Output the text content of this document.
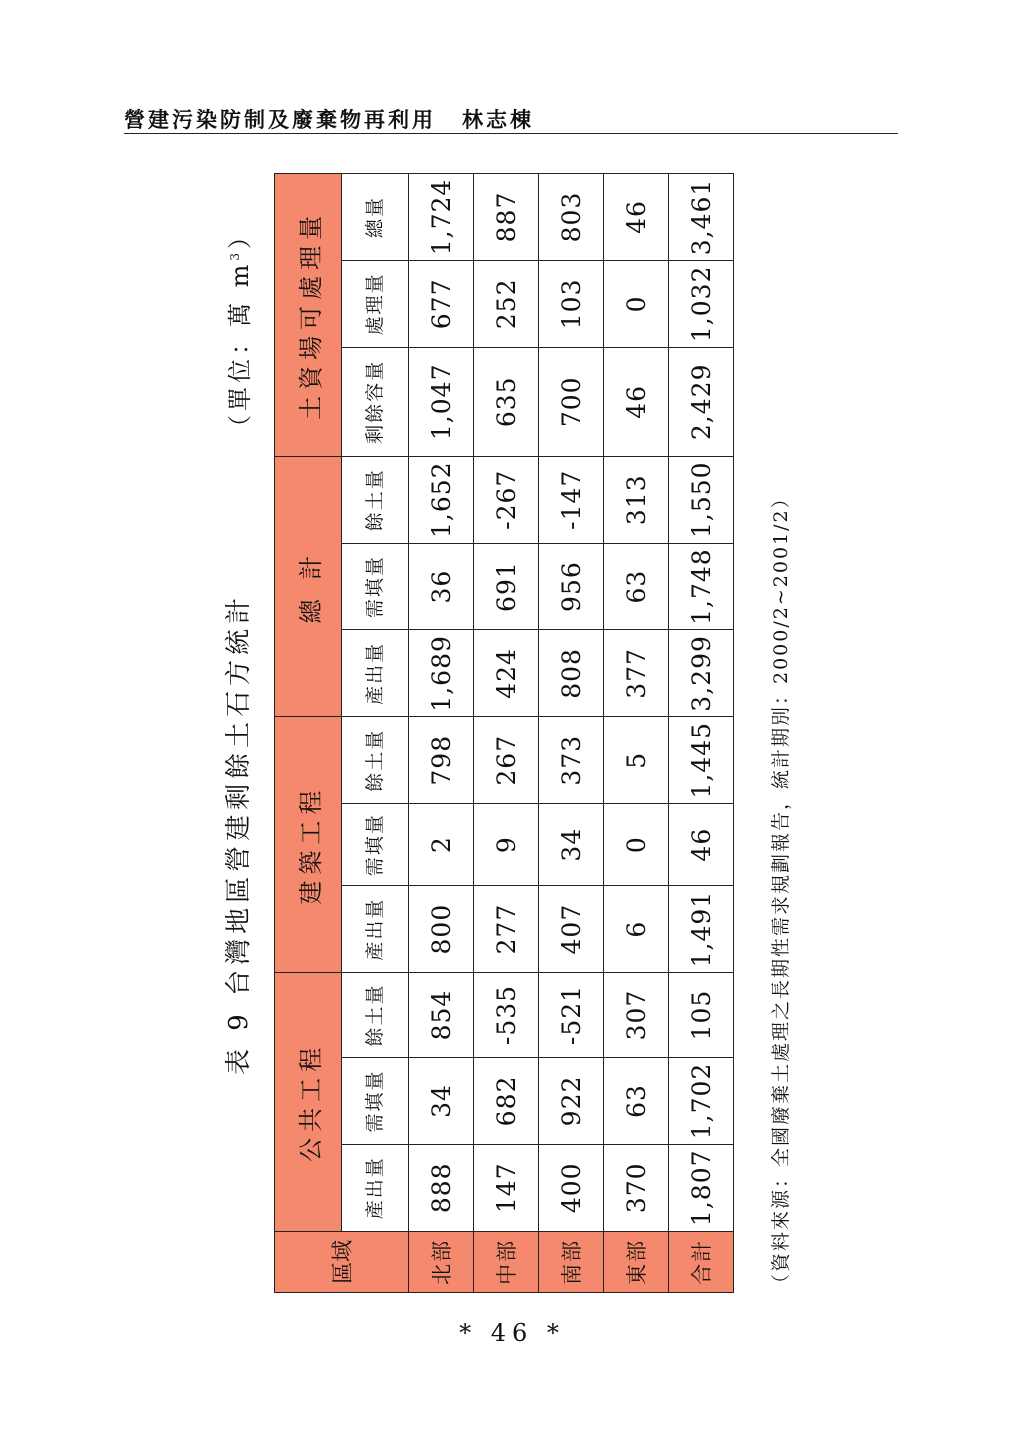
營建污染防制及廢棄物再利用 林志棟
表 9 台灣地區營建剩餘土石方統計
（單位：萬 $m^3$）
區域	公共工程			建築工程			總 計			土資場可處理量		
	產出量	需填量	餘土量	產出量	需填量	餘土量	產出量	需填量	餘土量	剩餘容量	處理量	總量
北部	888	34	854	800	2	798	1,689	36	1,652	1,047	677	1,724
中部	147	682	-535	277	9	267	424	691	-267	635	252	887
南部	400	922	-521	407	34	373	808	956	-147	700	103	803
東部	370	63	307	6	0	5	377	63	313	46	0	46
合計	1,807	1,702	105	1,491	46	1,445	3,299	1,748	1,550	2,429	1,032	3,461
（資料來源：全國廢棄土處理之長期性需求規劃報告，統計期別：2000/2~2001/2）
* 46 *
